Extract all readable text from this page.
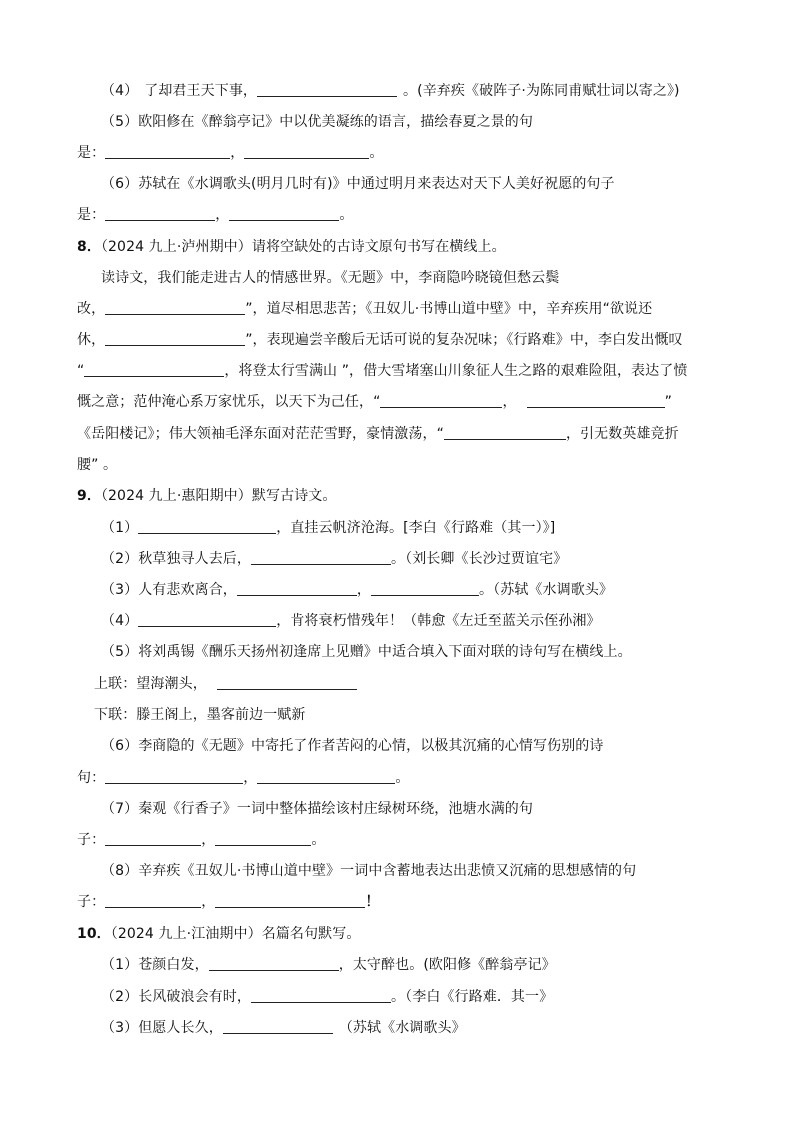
（4） 了却君王天下事，	。(辛弃疾《破阵子·为陈同甫赋壮词以寄之》)
（5）欧阳修在《醉翁亭记》中以优美凝练的语言，描绘春夏之景的句
是：	，	。
（6）苏轼在《水调歌头(明月几时有)》中通过明月来表达对天下人美好祝愿的句子
是：	，	。
8．（2024 九上·泸州期中）请将空缺处的古诗文原句书写在横线上。
读诗文，我们能走进古人的情感世界。《无题》中，李商隐吟晓镜但愁云鬓
改，	”，道尽相思悲苦；《丑奴儿·书博山道中壁》中，辛弃疾用“欲说还
休，	”，表现遍尝辛酸后无话可说的复杂况味；《行路难》中，李白发出慨叹
“	，将登太行雪满山 ”，借大雪堵塞山川象征人生之路的艰难险阻，表达了愤
慨之意；范仲淹心系万家忧乐，以天下为己任，“	，	”
《岳阳楼记》；伟大领袖毛泽东面对茫茫雪野，豪情激荡，“	，引无数英雄竞折
腰” 。
9．（2024 九上·惠阳期中）默写古诗文。
（1）	，直挂云帆济沧海。[李白《行路难（其一）》]
（2）秋草独寻人去后，	。（刘长卿《长沙过贾谊宅》
（3）人有悲欢离合，	，	。（苏轼《水调歌头》
（4）	，肯将衰朽惜残年！（韩愈《左迁至蓝关示侄孙湘》
（5）将刘禹锡《酬乐天扬州初逢席上见赠》中适合填入下面对联的诗句写在横线上。
上联：望海潮头，
下联：滕王阁上，墨客前边一赋新
（6）李商隐的《无题》中寄托了作者苦闷的心情，以极其沉痛的心情写伤别的诗
句：	，	。
（7）秦观《行香子》一词中整体描绘该村庄绿树环绕，池塘水满的句
子：	，	。
（8）辛弃疾《丑奴儿·书博山道中壁》一词中含蓄地表达出悲愤又沉痛的思想感情的句
子：	，	！
10．（2024 九上·江油期中）名篇名句默写。
（1）苍颜白发，	，太守醉也。(欧阳修《醉翁亭记》
（2）长风破浪会有时，	。（李白《行路难．其一》
（3）但愿人长久，	（苏轼《水调歌头》
